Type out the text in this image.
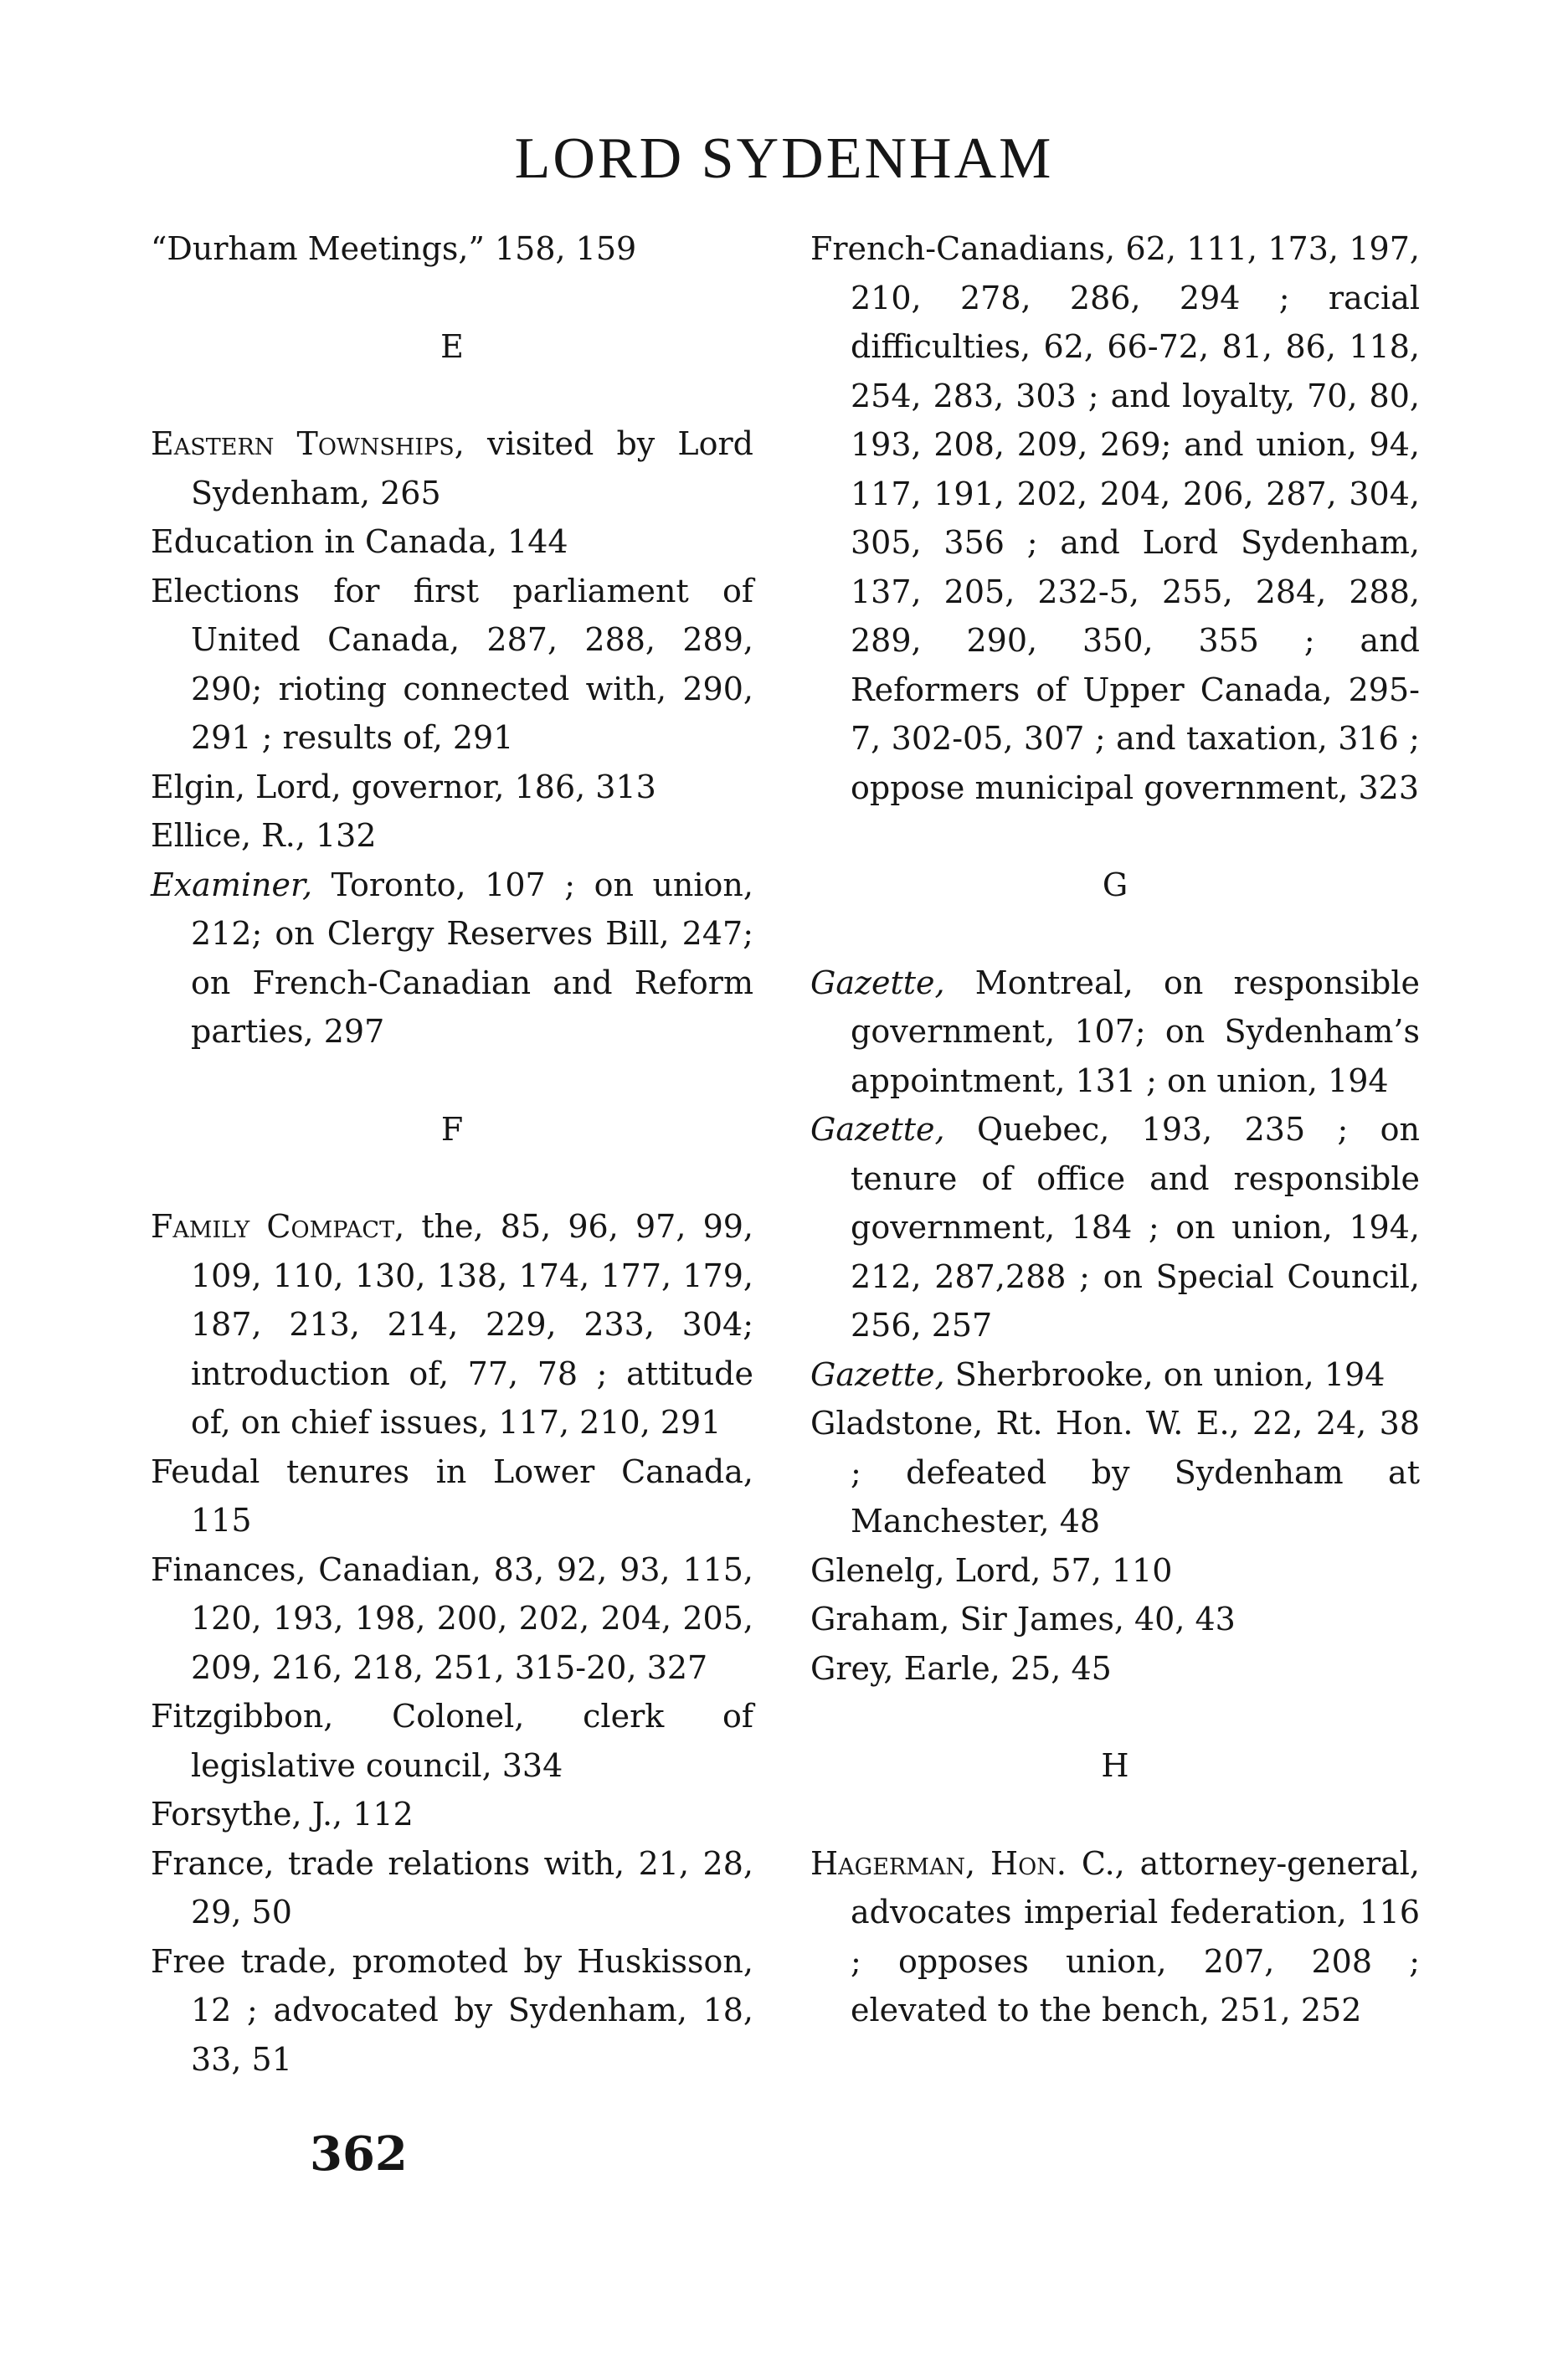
LORD SYDENHAM

“Durham Meetings,” 158, 159

E

Eastern Townships, visited by Lord Sydenham, 265

Education in Canada, 144

Elections for first parliament of United Canada, 287, 288, 289, 290; rioting connected with, 290, 291 ; results of, 291

Elgin, Lord, governor, 186, 313

Ellice, R., 132

Examiner, Toronto, 107 ; on union, 212; on Clergy Reserves Bill, 247; on French-Canadian and Reform parties, 297

F

Family Compact, the, 85, 96, 97, 99, 109, 110, 130, 138, 174, 177, 179, 187, 213, 214, 229, 233, 304; introduction of, 77, 78 ; attitude of, on chief issues, 117, 210, 291

Feudal tenures in Lower Canada, 115

Finances, Canadian, 83, 92, 93, 115, 120, 193, 198, 200, 202, 204, 205, 209, 216, 218, 251, 315-20, 327

Fitzgibbon, Colonel, clerk of legislative council, 334

Forsythe, J., 112

France, trade relations with, 21, 28, 29, 50

Free trade, promoted by Huskisson, 12 ; advocated by Sydenham, 18, 33, 51

French-Canadians, 62, 111, 173, 197, 210, 278, 286, 294 ; racial difficulties, 62, 66-72, 81, 86, 118, 254, 283, 303 ; and loyalty, 70, 80, 193, 208, 209, 269; and union, 94, 117, 191, 202, 204, 206, 287, 304, 305, 356 ; and Lord Sydenham, 137, 205, 232-5, 255, 284, 288, 289, 290, 350, 355 ; and Reformers of Upper Canada, 295-7, 302-05, 307 ; and taxation, 316 ; oppose municipal government, 323

G

Gazette, Montreal, on responsible government, 107; on Sydenham’s appointment, 131 ; on union, 194

Gazette, Quebec, 193, 235 ; on tenure of office and responsible government, 184 ; on union, 194, 212, 287,288 ; on Special Council, 256, 257

Gazette, Sherbrooke, on union, 194

Gladstone, Rt. Hon. W. E., 22, 24, 38 ; defeated by Sydenham at Manchester, 48

Glenelg, Lord, 57, 110

Graham, Sir James, 40, 43

Grey, Earle, 25, 45

H

Hagerman, Hon. C., attorney-general, advocates imperial federation, 116 ; opposes union, 207, 208 ; elevated to the bench, 251, 252

362
